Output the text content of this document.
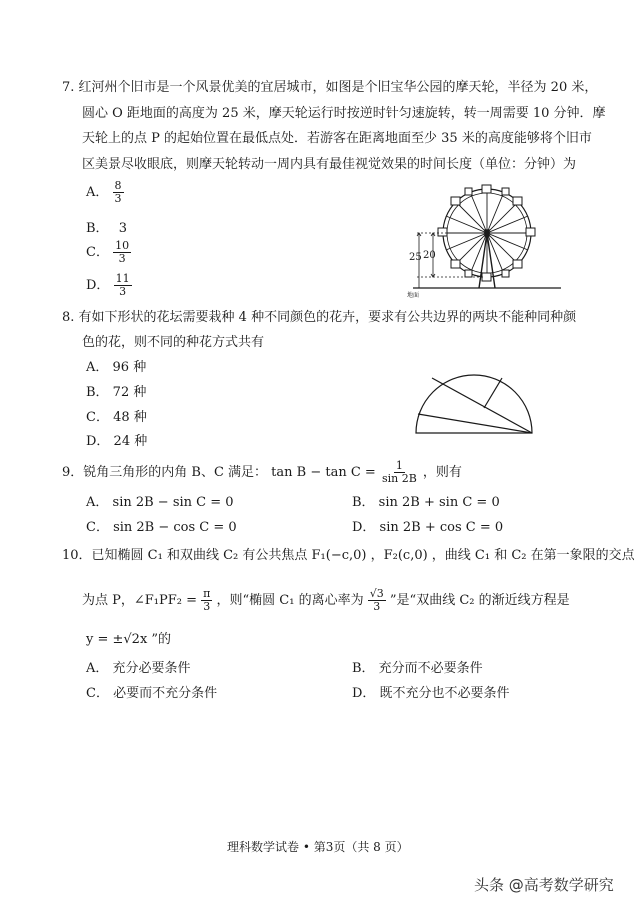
7. 红河州个旧市是一个风景优美的宜居城市，如图是个旧宝华公园的摩天轮，半径为 20 米，
圆心 O 距地面的高度为 25 米，摩天轮运行时按逆时针匀速旋转，转一周需要 10 分钟．摩
天轮上的点 P 的起始位置在最低点处．若游客在距离地面至少 35 米的高度能够将个旧市
区美景尽收眼底，则摩天轮转动一周内具有最佳视觉效果的时间长度（单位：分钟）为
A． $\frac{8}{3}$
B． 3
C． $\frac{10}{3}$
D． $\frac{11}{3}$
25 20
地面
8. 有如下形状的花坛需要栽种 4 种不同颜色的花卉，要求有公共边界的两块不能种同种颜
色的花，则不同的种花方式共有
A． 96 种
B． 72 种
C． 48 种
D． 24 种
9．锐角三角形的内角 B、C 满足： $\tan B - \tan C = \frac{1}{\sin 2B}$ ，则有
A． sin 2B − sin C = 0	B． sin 2B + sin C = 0
C． sin 2B − cos C = 0	D． sin 2B + cos C = 0
10．已知椭圆 C₁ 和双曲线 C₂ 有公共焦点 F₁(−c,0) ，F₂(c,0) ，曲线 C₁ 和 C₂ 在第一象限的交点
为点 P，∠F₁PF₂ = $\frac{\pi}{3}$ ，则“椭圆 C₁ 的离心率为 $\frac{√3}{3}$ ”是“双曲线 C₂ 的渐近线方程是
y = ±√2x ”的
A． 充分必要条件	B． 充分而不必要条件
C． 必要而不充分条件	D． 既不充分也不必要条件
理科数学试卷 • 第3页（共 8 页）
头条 @高考数学研究
